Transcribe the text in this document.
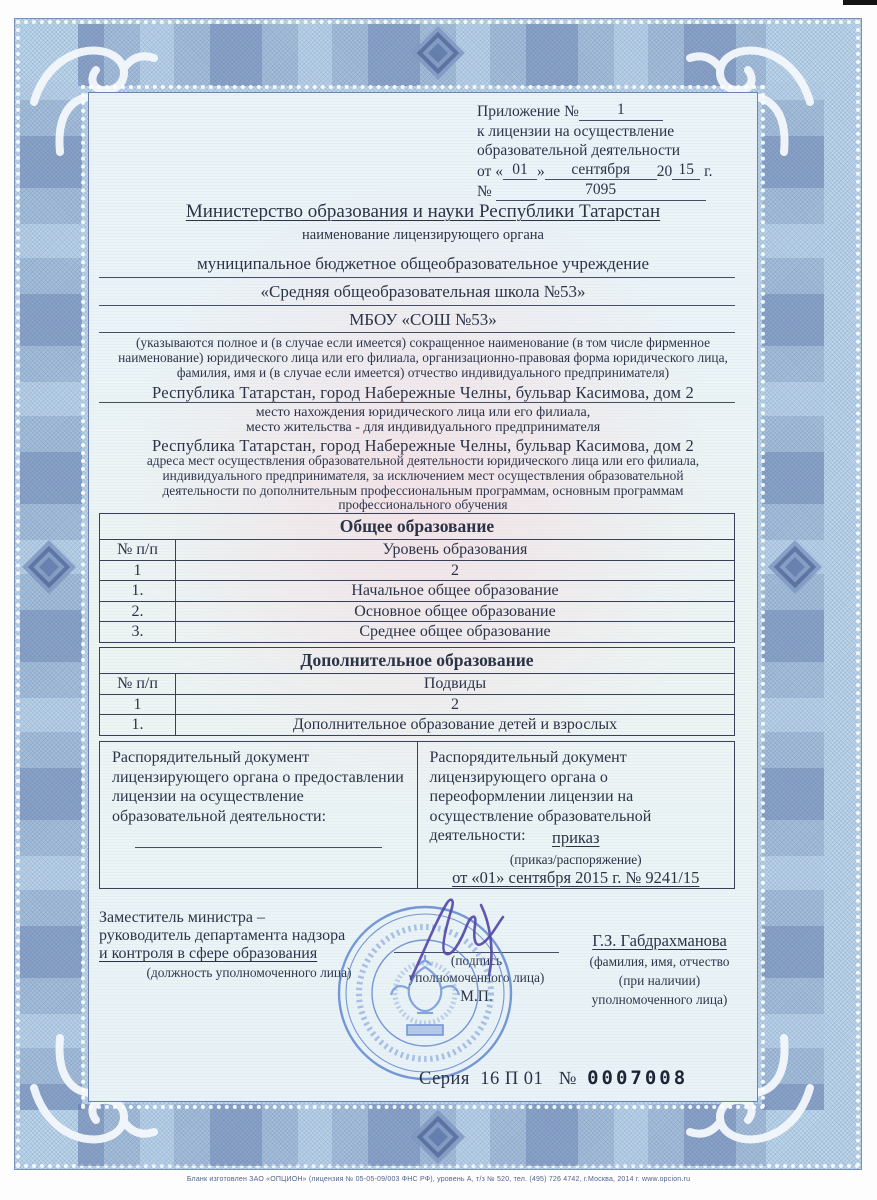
Приложение № 1
к лицензии на осуществление
образовательной деятельности
от « 01 » сентября 20 15 г.
№	7095
Министерство образования и науки Республики Татарстан
наименование лицензирующего органа
муниципальное бюджетное общеобразовательное учреждение
«Средняя общеобразовательная школа №53»
МБОУ «СОШ №53»
(указываются полное и (в случае если имеется) сокращенное наименование (в том числе фирменное наименование) юридического лица или его филиала, организационно-правовая форма юридического лица, фамилия, имя и (в случае если имеется) отчество индивидуального предпринимателя)
Республика Татарстан, город Набережные Челны, бульвар Касимова, дом 2
место нахождения юридического лица или его филиала,
место жительства - для индивидуального предпринимателя
Республика Татарстан, город Набережные Челны, бульвар Касимова, дом 2
адреса мест осуществления образовательной деятельности юридического лица или его филиала, индивидуального предпринимателя, за исключением мест осуществления образовательной деятельности по дополнительным профессиональным программам, основным программам профессионального обучения
Общее образование	
№ п/п	Уровень образования
1	2
1.	Начальное общее образование
2.	Основное общее образование
3.	Среднее общее образование
Дополнительное образование	
№ п/п	Подвиды
1	2
1.	Дополнительное образование детей и взрослых
Распорядительный документ лицензирующего органа о предоставлении лицензии на осуществление образовательной деятельности:
Распорядительный документ лицензирующего органа о переоформлении лицензии на осуществление образовательной деятельности:	приказ
(приказ/распоряжение)
от «01» сентября 2015 г. № 9241/15
Заместитель министра –
руководитель департамента надзора
и контроля в сфере образования
(должность уполномоченного лица)
(подпись
уполномоченного лица)
М.П.
Г.З. Габдрахманова
(фамилия, имя, отчество
(при наличии)
уполномоченного лица)
Серия 16 П 01 № 0007008
Бланк изготовлен ЗАО «ОПЦИОН» (лицензия № 05-05-09/003 ФНС РФ), уровень А, т/з № 520, тел. (495) 726 4742, г.Москва, 2014 г. www.opcion.ru
